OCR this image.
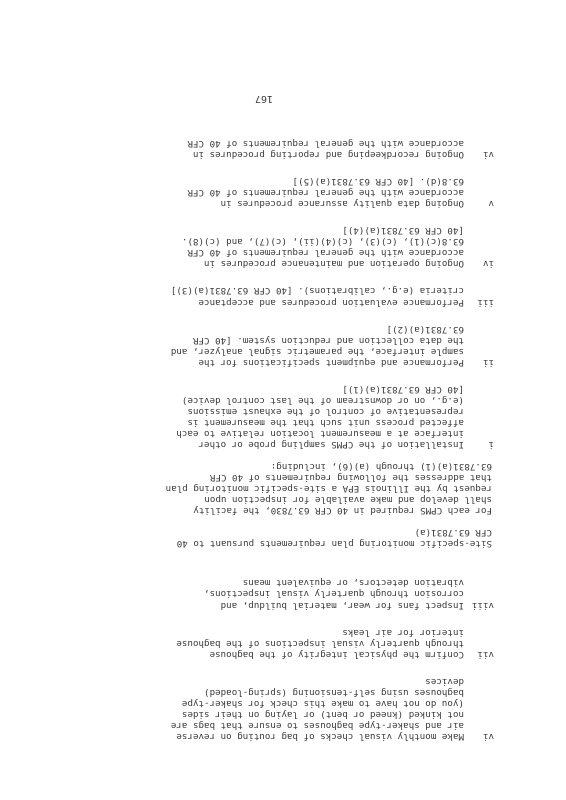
vi
Make monthly visual checks of bag routing on reverse
air and shaker-type baghouses to ensure that bags are
not kinked (kneed or bent) or laying on their sides
(you do not have to make this check for shaker-type
baghouses using self-tensioning (spring-loaded)
devices
vii
Confirm the physical integrity of the baghouse
through quarterly visual inspections of the baghouse
interior for air leaks
viii
Inspect fans for wear, material buildup, and
corrosion through quarterly visual inspections,
vibration detectors, or equivalent means
Site-specific monitoring plan requirements pursuant to 40
CFR 63.7831(a)
For each CPMS required in 40 CFR 63.7830, the facility
shall develop and make available for inspection upon
request by the Illinois EPA a site-specific monitoring plan
that addresses the following requirements of 40 CFR
63.7831(a)(1) through (a)(6), including:
i
Installation of the CPMS sampling probe or other
interface at a measurement location relative to each
affected process unit such that the measurement is
representative of control of the exhaust emissions
(e.g., on or downstream of the last control device)
[40 CFR 63.7831(a)(1)]
ii
Performance and equipment specifications for the
sample interface, the parametric signal analyzer, and
the data collection and reduction system. [40 CFR
63.7831(a)(2)]
iii
Performance evaluation procedures and acceptance
criteria (e.g., calibrations). [40 CFR 63.7831(a)(3)]
iv
Ongoing operation and maintenance procedures in
accordance with the general requirements of 40 CFR
63.8(c)(1), (c)(3), (c)(4)(ii), (c)(7), and (c)(8).
[40 CFR 63.7831(a)(4)]
v
Ongoing data quality assurance procedures in
accordance with the general requirements of 40 CFR
63.8(d). [40 CFR 63.7831(a)(5)]
vi
Ongoing recordkeeping and reporting procedures in
accordance with the general requirements of 40 CFR
167
